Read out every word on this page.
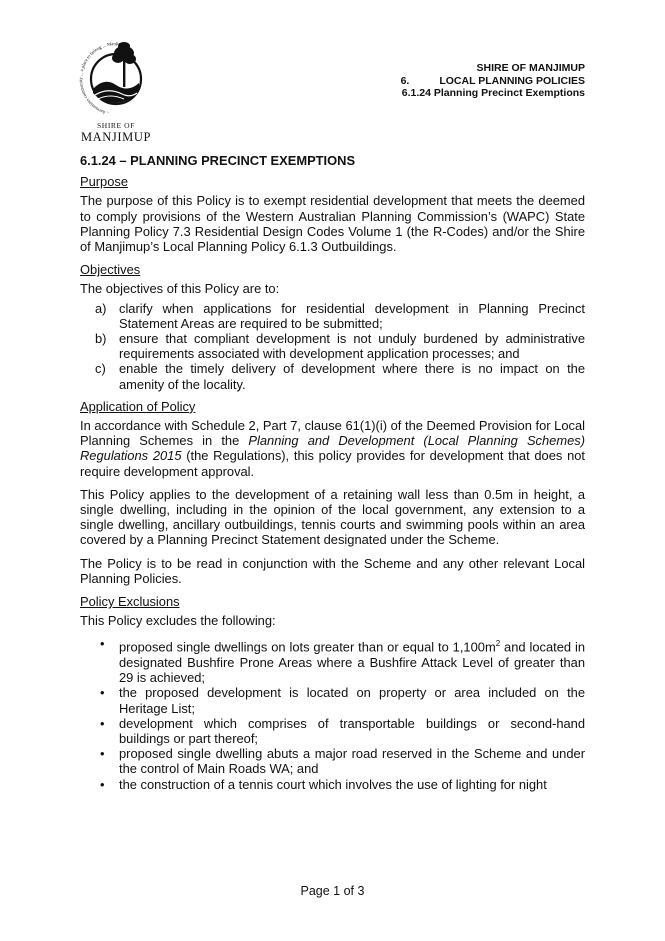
... harmonious community ... a place to belong ... Manjimup
SHIRE OF
MANJIMUP
SHIRE OF MANJIMUP
6.	LOCAL PLANNING POLICIES
6.1.24 Planning Precinct Exemptions
6.1.24 – PLANNING PRECINCT EXEMPTIONS
Purpose

The purpose of this Policy is to exempt residential development that meets the deemed to comply provisions of the Western Australian Planning Commission’s (WAPC) State Planning Policy 7.3 Residential Design Codes Volume 1 (the R-Codes) and/or the Shire of Manjimup’s Local Planning Policy 6.1.3 Outbuildings.

Objectives

The objectives of this Policy are to:

a) clarify when applications for residential development in Planning Precinct Statement Areas are required to be submitted;
b) ensure that compliant development is not unduly burdened by administrative requirements associated with development application processes; and
c) enable the timely delivery of development where there is no impact on the amenity of the locality.
Application of Policy

In accordance with Schedule 2, Part 7, clause 61(1)(i) of the Deemed Provision for Local Planning Schemes in the Planning and Development (Local Planning Schemes) Regulations 2015 (the Regulations), this policy provides for development that does not require development approval.

This Policy applies to the development of a retaining wall less than 0.5m in height, a single dwelling, including in the opinion of the local government, any extension to a single dwelling, ancillary outbuildings, tennis courts and swimming pools within an area covered by a Planning Precinct Statement designated under the Scheme.

The Policy is to be read in conjunction with the Scheme and any other relevant Local Planning Policies.

Policy Exclusions

This Policy excludes the following:

• proposed single dwellings on lots greater than or equal to $1,100m^2$ and located in designated Bushfire Prone Areas where a Bushfire Attack Level of greater than 29 is achieved;
• the proposed development is located on property or area included on the Heritage List;
• development which comprises of transportable buildings or second-hand buildings or part thereof;
• proposed single dwelling abuts a major road reserved in the Scheme and under the control of Main Roads WA; and
• the construction of a tennis court which involves the use of lighting for night
Page 1 of 3
